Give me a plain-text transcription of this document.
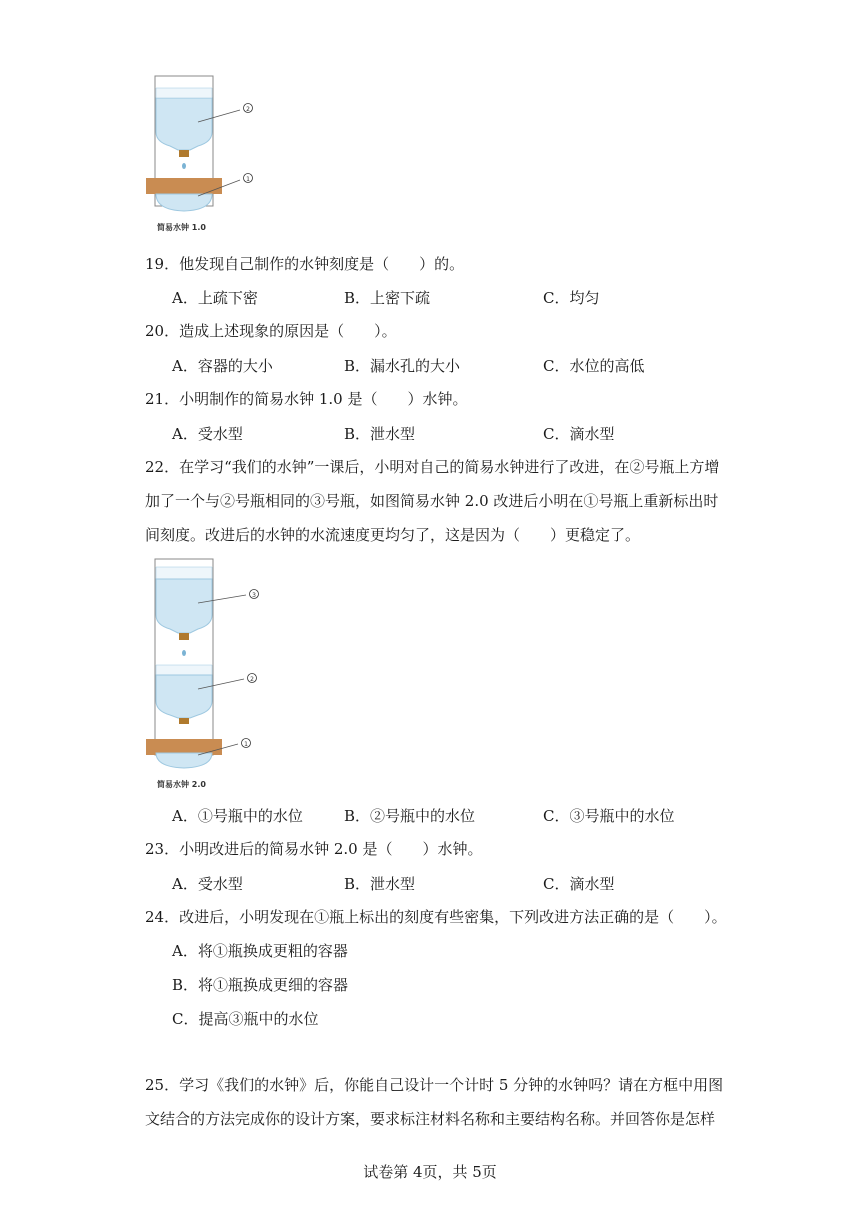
2
1
简易水钟 1.0
19．他发现自己制作的水钟刻度是（　　）的。
A．上疏下密	B．上密下疏	C．均匀
20．造成上述现象的原因是（　　）。
A．容器的大小	B．漏水孔的大小	C．水位的高低
21．小明制作的简易水钟 1.0 是（　　）水钟。
A．受水型	B．泄水型	C．滴水型
22．在学习“我们的水钟”一课后，小明对自己的简易水钟进行了改进，在②号瓶上方增
加了一个与②号瓶相同的③号瓶，如图简易水钟 2.0 改进后小明在①号瓶上重新标出时
间刻度。改进后的水钟的水流速度更均匀了，这是因为（　　）更稳定了。
3
2
1
简易水钟 2.0
A．①号瓶中的水位	B．②号瓶中的水位	C．③号瓶中的水位
23．小明改进后的简易水钟 2.0 是（　　）水钟。
A．受水型	B．泄水型	C．滴水型
24．改进后，小明发现在①瓶上标出的刻度有些密集，下列改进方法正确的是（　　）。
A．将①瓶换成更粗的容器
B．将①瓶换成更细的容器
C．提高③瓶中的水位
25．学习《我们的水钟》后，你能自己设计一个计时 5 分钟的水钟吗？请在方框中用图
文结合的方法完成你的设计方案，要求标注材料名称和主要结构名称。并回答你是怎样
试卷第 4页，共 5页
